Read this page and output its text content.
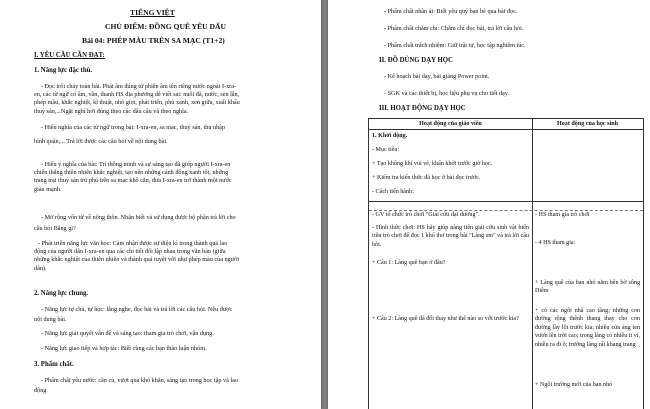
TIẾNG VIỆT
CHỦ ĐIỂM: ĐỒNG QUÊ YÊU DẤU
Bài 04: PHÉP MÀU TRÊN SA MẠC (T1+2)
I. YÊU CẦU CẦN ĐẠT:
1. Năng lực đặc thù.
- Đọc trôi chảy toàn bài. Phát âm đúng từ phiên âm tên riêng nước ngoài I-xra-
en, các từ ngữ có âm, vần, thanh HS địa phương dễ viết sai: nuôi đã, nước, sen lẫn,
phép mầu, khắc nghiệt, kĩ thuật, nhỏ giọt, phát triển, phủ xanh, xen giữa, xuất khẩu
thuỷ sản,...Ngắt nghỉ hơi đúng theo các dấu câu và theo nghĩa.
- Hiểu nghĩa của các từ ngữ trong bài: I-xra-en, sa mạc, thuỷ sản, thu nhập
bình quân,... Trả lời được các câu hỏi về nội dung bài.
- Hiểu ý nghĩa của bài: Trí thông minh và sự sáng tạo đã giúp người I-xra-en
chiến thắng thiên nhiên khắc nghiệt, tạo nên những cánh đồng xanh tốt, những
trang trại thuỷ sản trù phú trên sa mạc khô cằn, đưa I-xra-en trở thành một nước
giàu mạnh.
- Mở rộng vốn từ về nông thôn. Nhận biết và sử dụng được bộ phận trả lời cho
câu hỏi Bằng gì?
- Phát triển năng lực văn học: Cảm nhận được sự diệu kì trong thành quả lao
động của người dân I-xra-en qua các chi tiết đối lập nhau trong văn bản (giữa
những khắc nghiệt của thiên nhiên và thành quả tuyệt vời như phép màu của người
dân).
2. Năng lực chung.
- Năng lực tự chủ, tự học: lắng nghe, đọc bài và trả lời các câu hỏi. Nêu được
nội dung bài.
- Năng lực giải quyết vấn đề và sáng tạo: tham gia trò chơi, vận dụng.
- Năng lực giao tiếp và hợp tác: Biết cùng các bạn thảo luận nhóm.
3. Phẩm chất.
- Phẩm chất yêu nước: cần cù, vượt qua khó khăn, sáng tạo trong học tập và lao
động
- Phẩm chất nhân ái: Biết yêu quý bạn bè qua bài đọc.
- Phẩm chất chăm chỉ: Chăm chỉ đọc bài, trả lời câu hỏi.
- Phẩm chất trách nhiệm: Giữ trật tự, học tập nghiêm túc.
II. ĐỒ DÙNG DẠY HỌC
- Kế hoạch bài dạy, bài giảng Power point.
- SGK và các thiết bị, học liệu phụ vụ cho tiết dạy.
III. HOẠT ĐỘNG DẠY HỌC
Hoạt động của giáo viên	Hoạt động của học sinh
1. Khởi động.
- Mục tiêu:
+ Tạo không khí vui vẻ, khấn khởi trước giờ học.
+ Kiểm tra kiến thức đã học ở bài đọc trước.
- Cách tiến hành:
- GV tổ chức trò chơi "Giải cứu đại dương".
- Hình thức chơi: HS hãy giúp nàng tiên giải cứu sinh vật biển trên trò chơi để đọc 1 khổ thơ trong bài "Làng em" và trả lời câu hỏi.
+ Câu 1: Làng quê bạn ở đâu?
+ Câu 2: Làng quê đã đổi thay như thế nào so với trước kia?
- HS tham gia trò chơi
- 4 HS tham gia:
+ Làng quê của bạn nhỏ nằm bên bờ sông Diêm
+ có các ngôi nhà cao tầng; những con đường rộng thênh thang thay cho con đường lầy lội trước kia; nhiều cửa ảng ten vươn lên trời cao; trong làng có nhiều ti vi, nhiều ra đi ô; trường làng rất khang trang
+ Ngôi trường mới của bạn nhỏ
